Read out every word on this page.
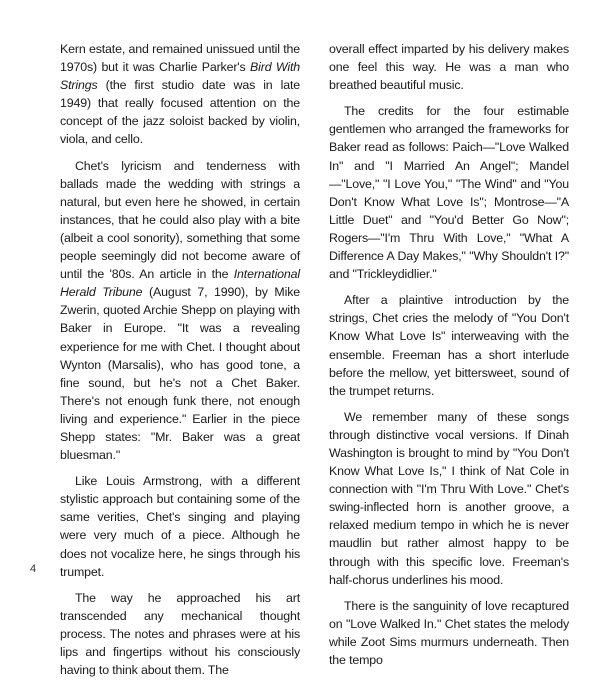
Kern estate, and remained unissued until the 1970s) but it was Charlie Parker's Bird With Strings (the first studio date was in late 1949) that really focused attention on the concept of the jazz soloist backed by violin, viola, and cello.

Chet's lyricism and tenderness with ballads made the wedding with strings a natural, but even here he showed, in certain instances, that he could also play with a bite (albeit a cool sonority), something that some people seemingly did not become aware of until the '80s. An article in the International Herald Tribune (August 7, 1990), by Mike Zwerin, quoted Archie Shepp on playing with Baker in Europe. "It was a revealing experience for me with Chet. I thought about Wynton (Marsalis), who has good tone, a fine sound, but he's not a Chet Baker. There's not enough funk there, not enough living and experience." Earlier in the piece Shepp states: "Mr. Baker was a great bluesman."

Like Louis Armstrong, with a different stylistic approach but containing some of the same verities, Chet's singing and playing were very much of a piece. Although he does not vocalize here, he sings through his trumpet.

The way he approached his art transcended any mechanical thought process. The notes and phrases were at his lips and fingertips without his consciously having to think about them. The

overall effect imparted by his delivery makes one feel this way. He was a man who breathed beautiful music.

The credits for the four estimable gentlemen who arranged the frameworks for Baker read as follows: Paich—"Love Walked In" and "I Married An Angel"; Mandel—"Love," "I Love You," "The Wind" and "You Don't Know What Love Is"; Montrose—"A Little Duet" and "You'd Better Go Now"; Rogers—"I'm Thru With Love," "What A Difference A Day Makes," "Why Shouldn't I?" and "Trickleydidlier."

After a plaintive introduction by the strings, Chet cries the melody of "You Don't Know What Love Is" interweaving with the ensemble. Freeman has a short interlude before the mellow, yet bittersweet, sound of the trumpet returns.

We remember many of these songs through distinctive vocal versions. If Dinah Washington is brought to mind by "You Don't Know What Love Is," I think of Nat Cole in connection with "I'm Thru With Love." Chet's swing-inflected horn is another groove, a relaxed medium tempo in which he is never maudlin but rather almost happy to be through with this specific love. Freeman's half-chorus underlines his mood.

There is the sanguinity of love recaptured on "Love Walked In." Chet states the melody while Zoot Sims murmurs underneath. Then the tempo

4
